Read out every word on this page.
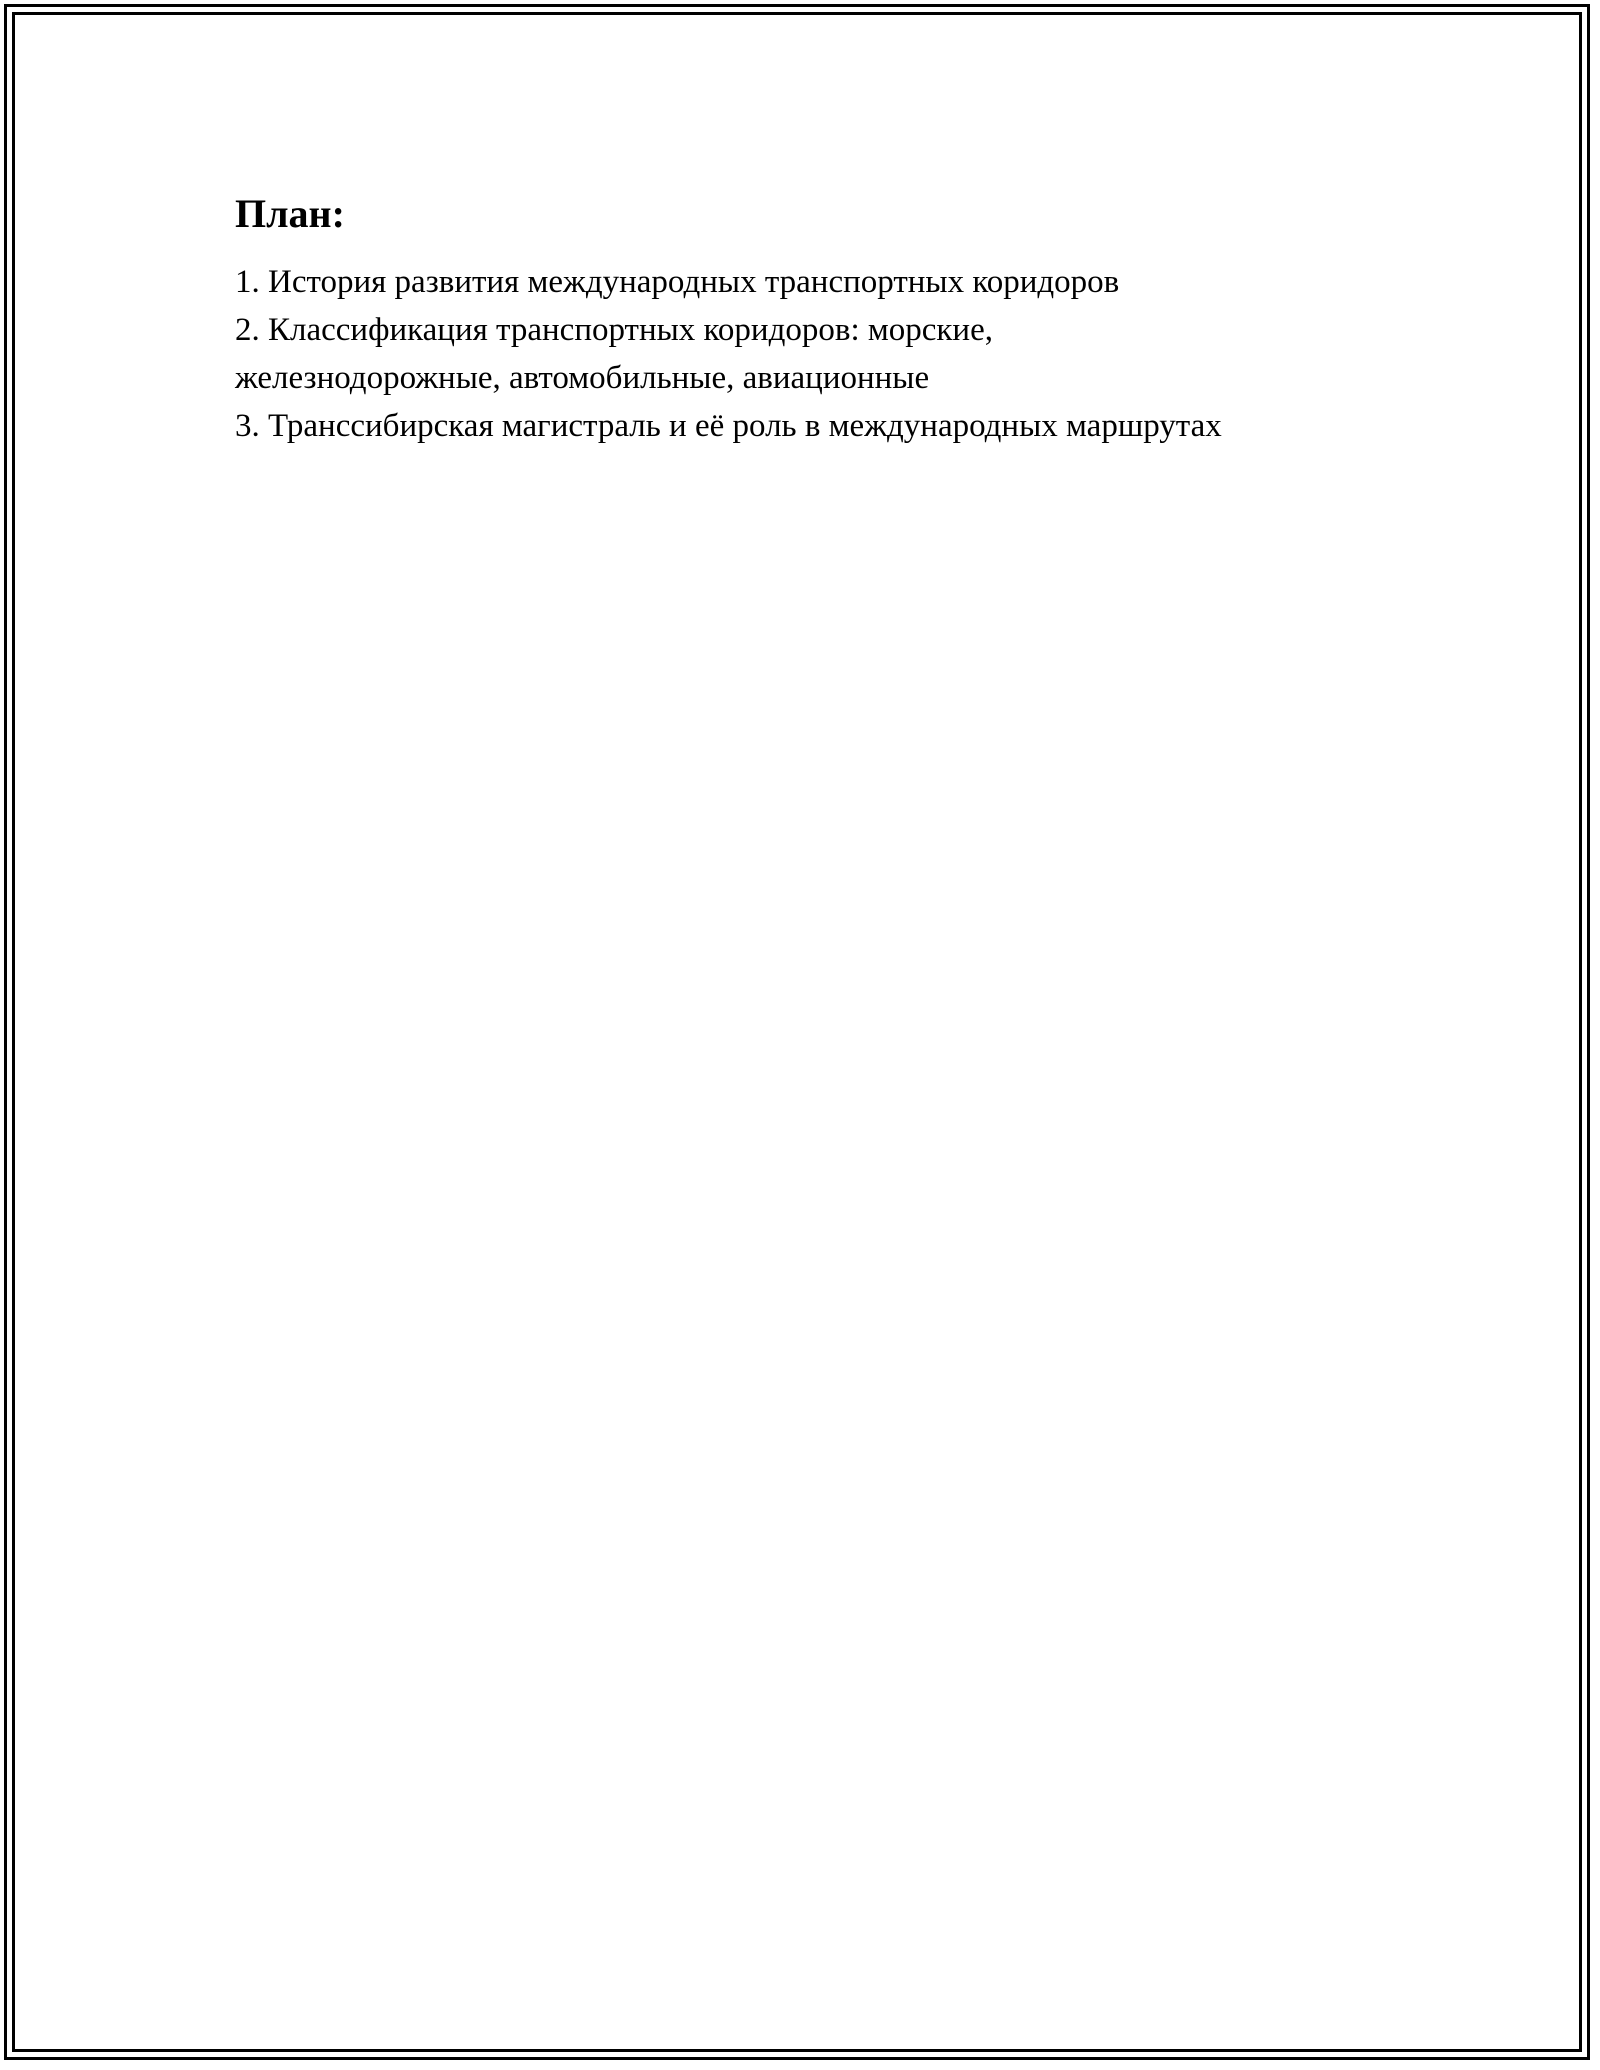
План:
1. История развития международных транспортных коридоров
2. Классификация транспортных коридоров: морские,
железнодорожные, автомобильные, авиационные
3. Транссибирская магистраль и её роль в международных маршрутах
